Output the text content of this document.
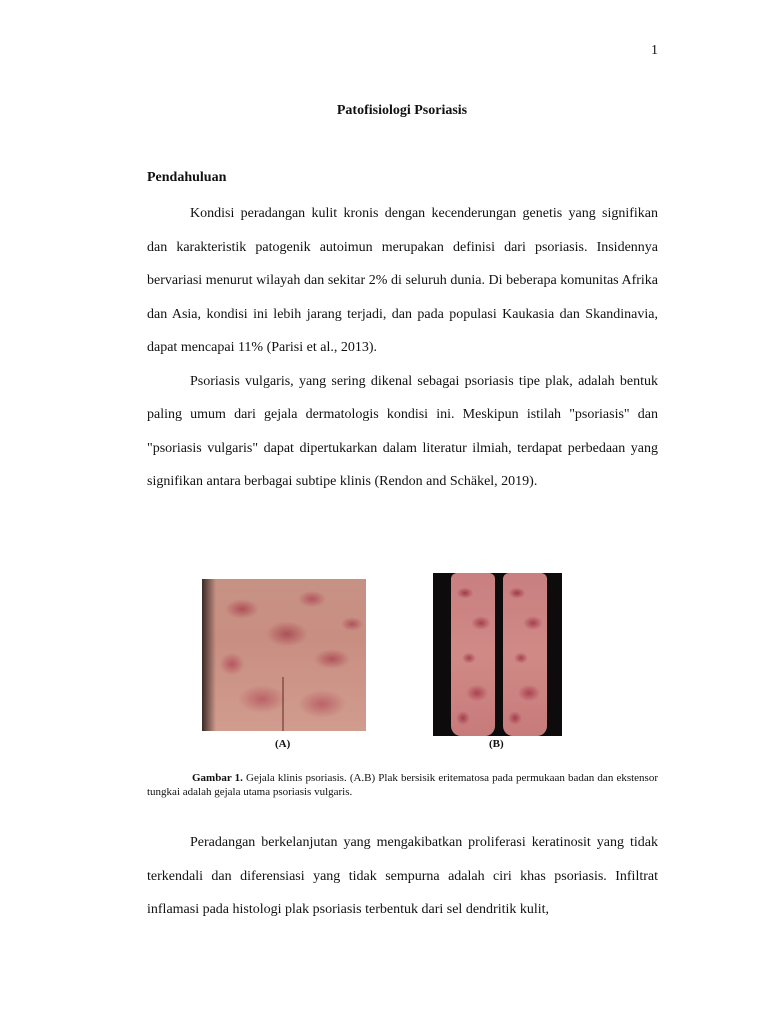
1
Patofisiologi Psoriasis
Pendahuluan

Kondisi peradangan kulit kronis dengan kecenderungan genetis yang signifikan dan karakteristik patogenik autoimun merupakan definisi dari psoriasis. Insidennya bervariasi menurut wilayah dan sekitar 2% di seluruh dunia. Di beberapa komunitas Afrika dan Asia, kondisi ini lebih jarang terjadi, dan pada populasi Kaukasia dan Skandinavia, dapat mencapai 11% (Parisi et al., 2013).

Psoriasis vulgaris, yang sering dikenal sebagai psoriasis tipe plak, adalah bentuk paling umum dari gejala dermatologis kondisi ini. Meskipun istilah "psoriasis" dan "psoriasis vulgaris" dapat dipertukarkan dalam literatur ilmiah, terdapat perbedaan yang signifikan antara berbagai subtipe klinis (Rendon and Schäkel, 2019).

(A)	(B)
Gambar 1. Gejala klinis psoriasis. (A.B) Plak bersisik eritematosa pada permukaan badan dan ekstensor tungkai adalah gejala utama psoriasis vulgaris.

Peradangan berkelanjutan yang mengakibatkan proliferasi keratinosit yang tidak terkendali dan diferensiasi yang tidak sempurna adalah ciri khas psoriasis. Infiltrat inflamasi pada histologi plak psoriasis terbentuk dari sel dendritik kulit,
